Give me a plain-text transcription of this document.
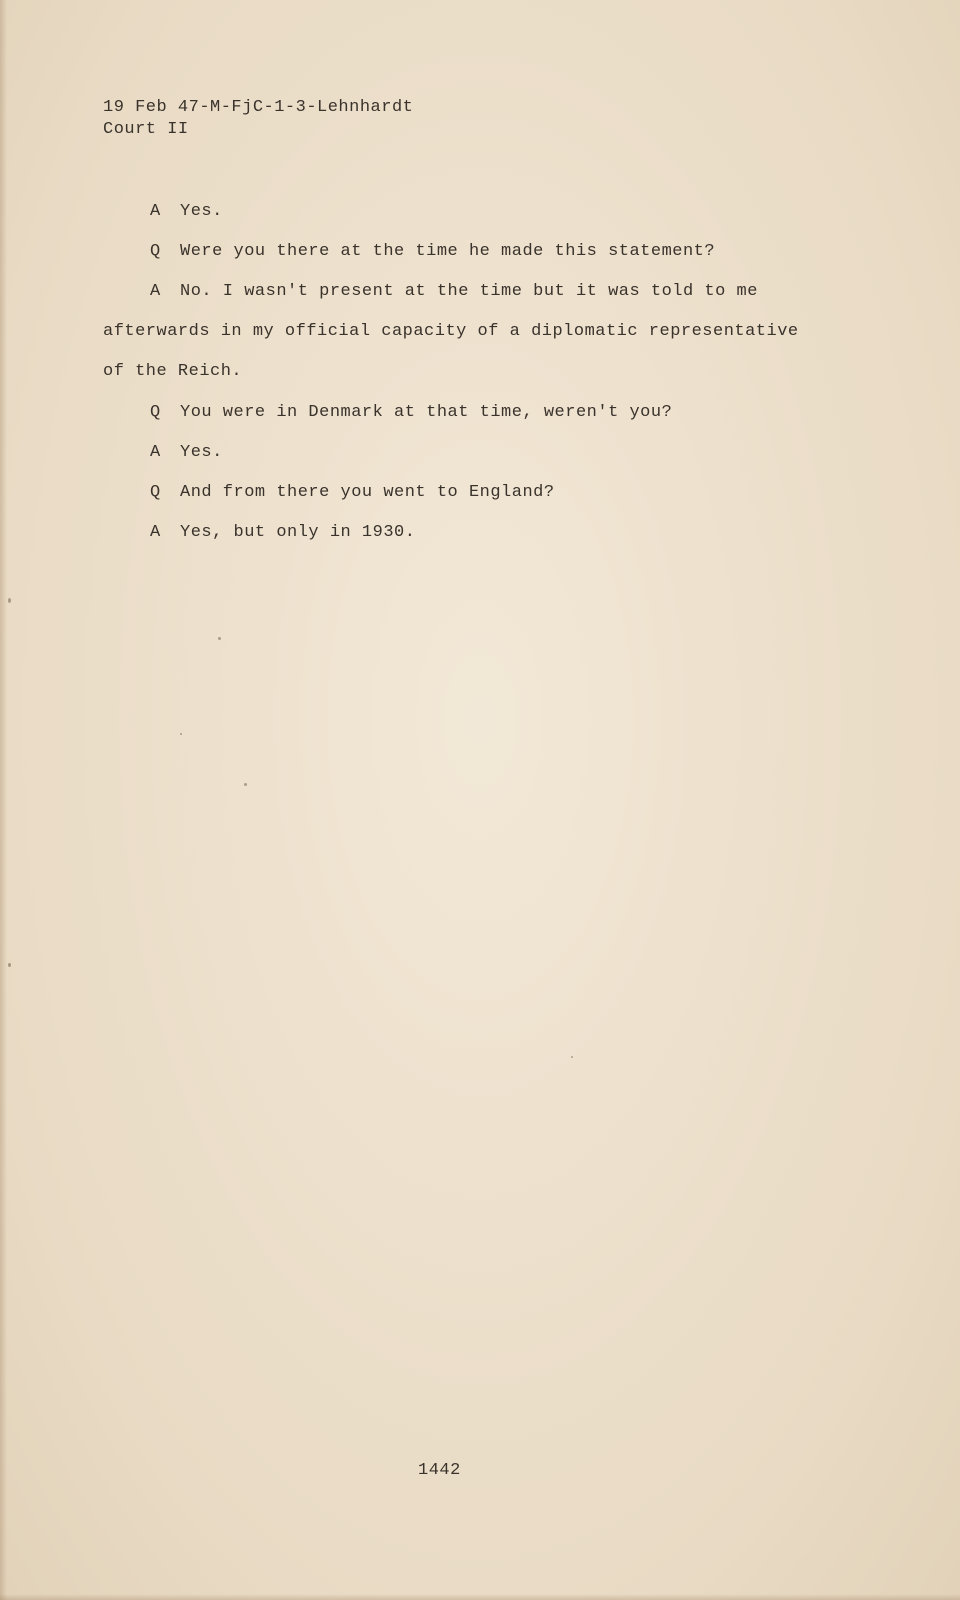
19 Feb 47-M-FjC-1-3-Lehnhardt
Court II
A Yes.
Q Were you there at the time he made this statement?
A No. I wasn't present at the time but it was told to me
afterwards in my official capacity of a diplomatic representative
of the Reich.
Q You were in Denmark at that time, weren't you?
A Yes.
Q And from there you went to England?
A Yes, but only in 1930.
1442
